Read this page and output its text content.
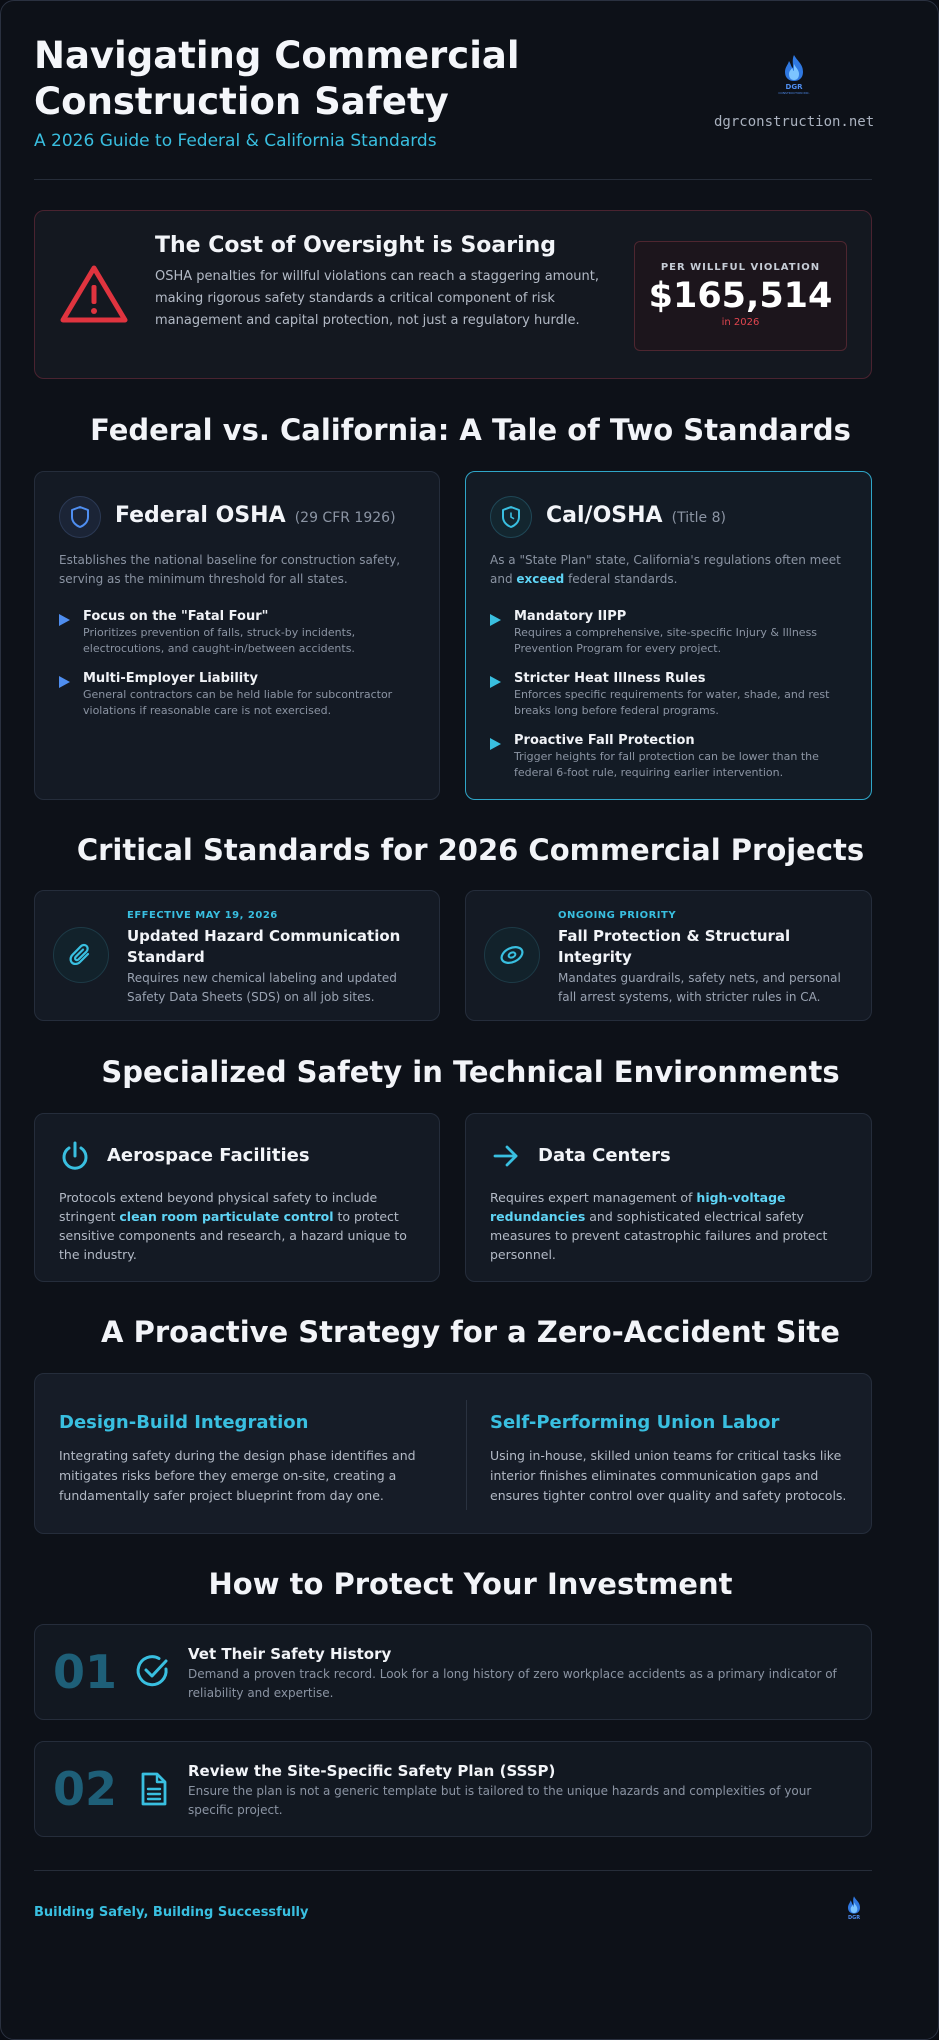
Navigating Commercial
Construction Safety
A 2026 Guide to Federal & California Standards
DGR
CONSTRUCTION INC.
dgrconstruction.net
The Cost of Oversight is Soaring
OSHA penalties for willful violations can reach a staggering amount, making rigorous safety standards a critical component of risk management and capital protection, not just a regulatory hurdle.
PER WILLFUL VIOLATION
$165,514
in 2026
Federal vs. California: A Tale of Two Standards
Federal OSHA (29 CFR 1926)
Establishes the national baseline for construction safety, serving as the minimum threshold for all states.
Focus on the "Fatal Four"
Prioritizes prevention of falls, struck-by incidents,
electrocutions, and caught-in/between accidents.
Multi-Employer Liability
General contractors can be held liable for subcontractor
violations if reasonable care is not exercised.
Cal/OSHA (Title 8)
As a "State Plan" state, California's regulations often meet
and exceed federal standards.
Mandatory IIPP
Requires a comprehensive, site-specific Injury & Illness
Prevention Program for every project.
Stricter Heat Illness Rules
Enforces specific requirements for water, shade, and rest
breaks long before federal programs.
Proactive Fall Protection
Trigger heights for fall protection can be lower than the
federal 6-foot rule, requiring earlier intervention.
Critical Standards for 2026 Commercial Projects
EFFECTIVE MAY 19, 2026
Updated Hazard Communication
Standard
Requires new chemical labeling and updated
Safety Data Sheets (SDS) on all job sites.
ONGOING PRIORITY
Fall Protection & Structural
Integrity
Mandates guardrails, safety nets, and personal
fall arrest systems, with stricter rules in CA.
Specialized Safety in Technical Environments
Aerospace Facilities
Protocols extend beyond physical safety to include
stringent clean room particulate control to protect
sensitive components and research, a hazard unique to
the industry.
Data Centers
Requires expert management of high-voltage
redundancies and sophisticated electrical safety
measures to prevent catastrophic failures and protect
personnel.
A Proactive Strategy for a Zero-Accident Site
Design-Build Integration
Integrating safety during the design phase identifies and
mitigates risks before they emerge on-site, creating a
fundamentally safer project blueprint from day one.
Self-Performing Union Labor
Using in-house, skilled union teams for critical tasks like
interior finishes eliminates communication gaps and
ensures tighter control over quality and safety protocols.
How to Protect Your Investment
01	Vet Their Safety History
Demand a proven track record. Look for a long history of zero workplace accidents as a primary indicator of
reliability and expertise.
02	Review the Site-Specific Safety Plan (SSSP)
Ensure the plan is not a generic template but is tailored to the unique hazards and complexities of your
specific project.
Building Safely, Building Successfully	DGR
